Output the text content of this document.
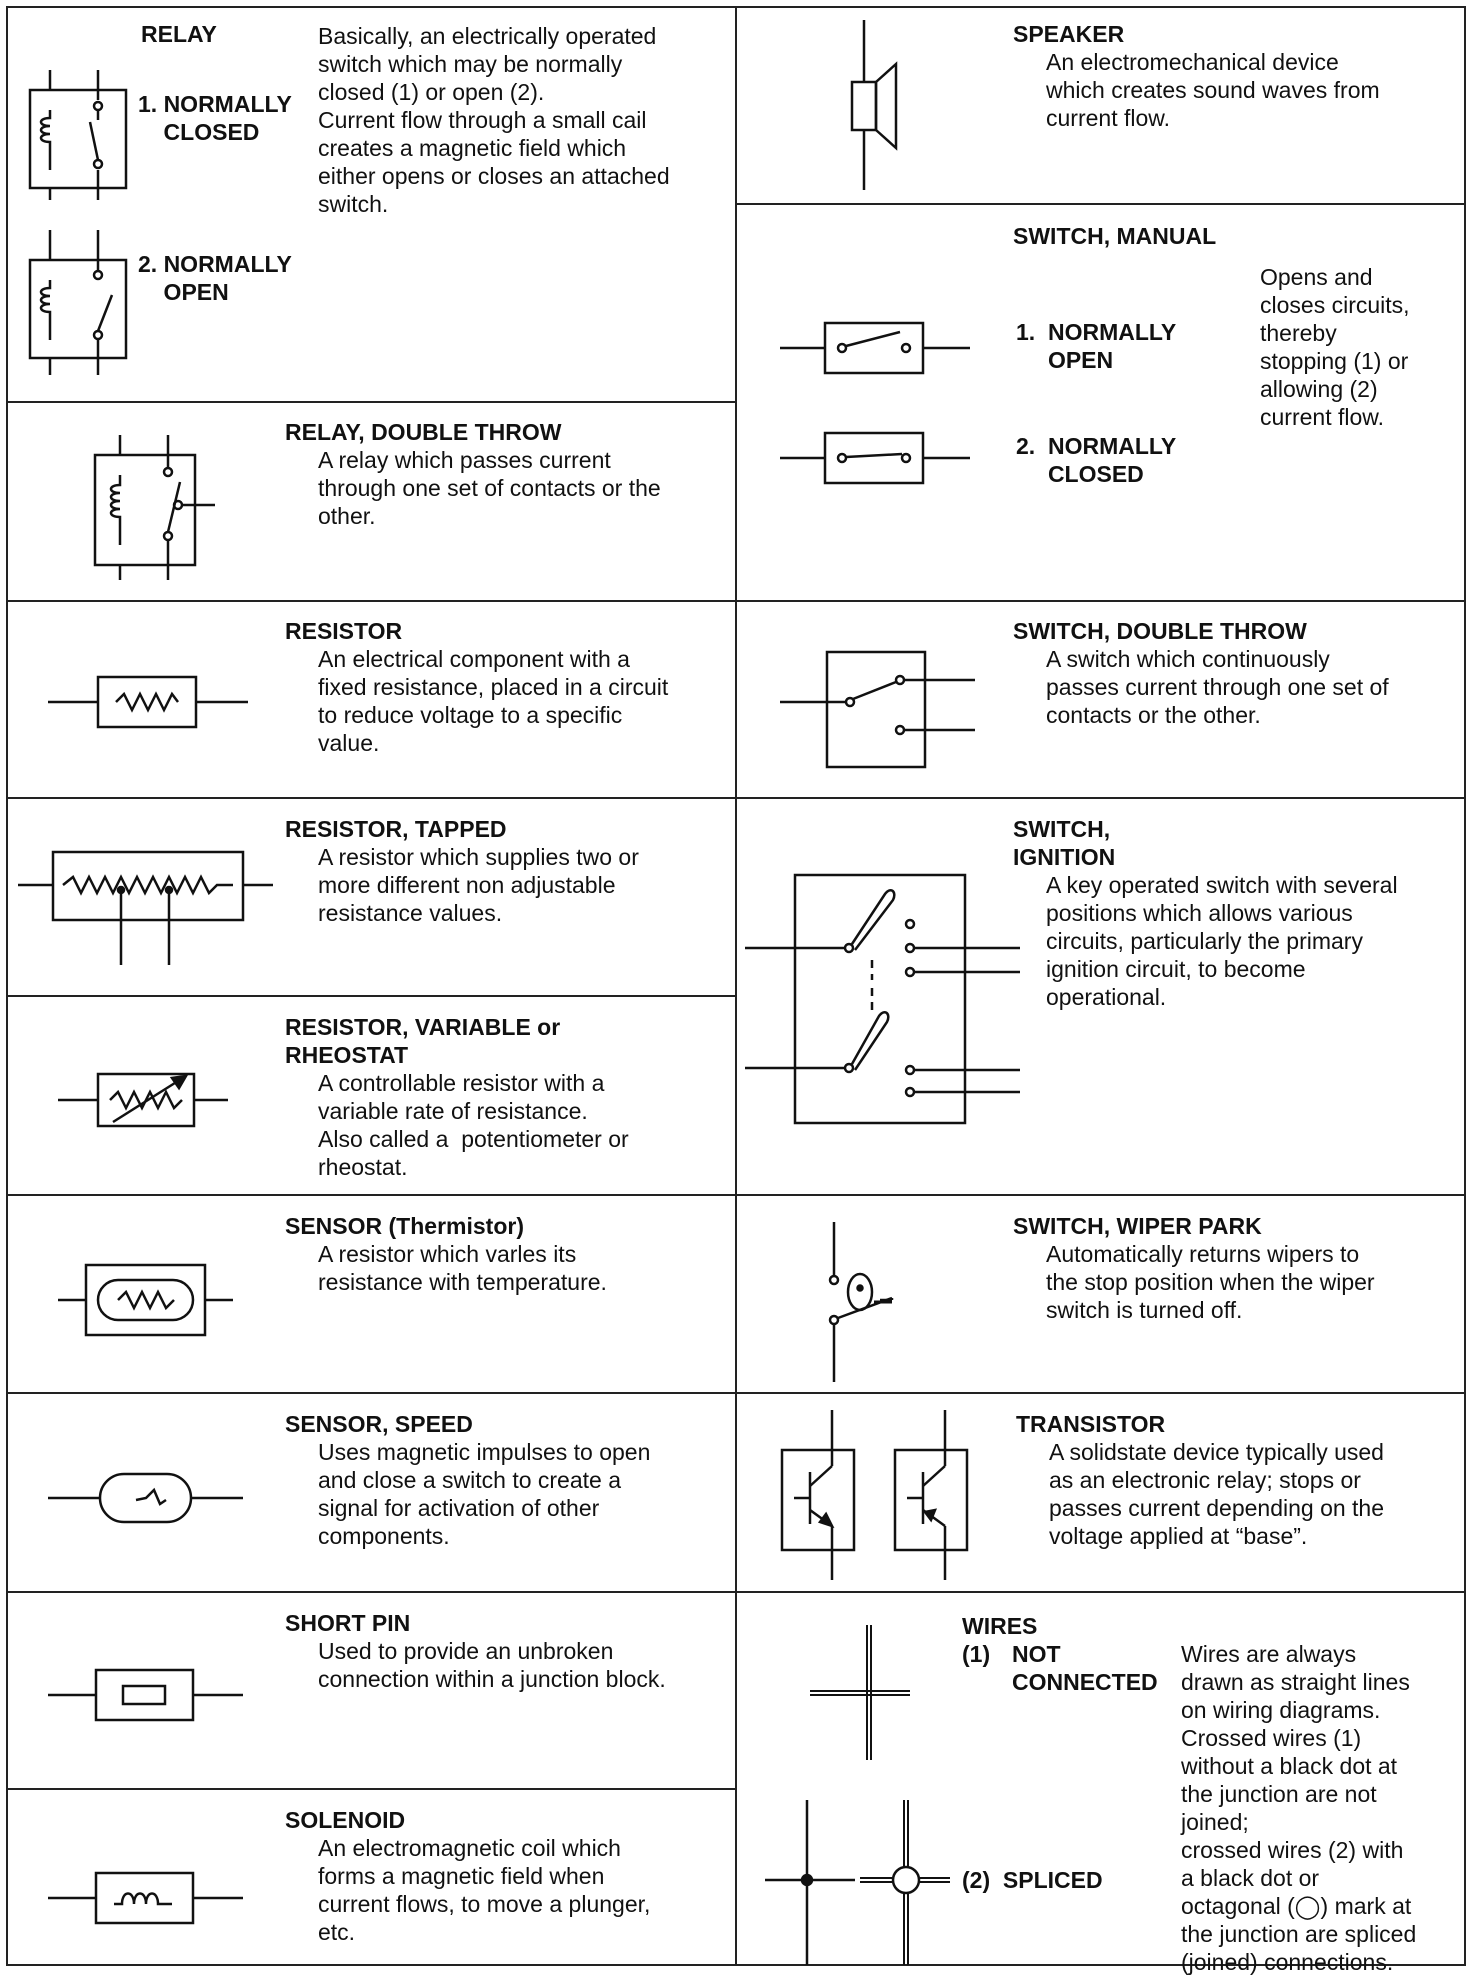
RELAY	Basically, an electrically operated
switch which may be normally
closed (1) or open (2).
Current flow through a small cail
creates a magnetic field which
either opens or closes an attached
switch.
1. NORMALLY
CLOSED
2. NORMALLY
OPEN
RELAY, DOUBLE THROW
A relay which passes current
through one set of contacts or the
other.
RESISTOR
An electrical component with a
fixed resistance, placed in a circuit
to reduce voltage to a specific
value.
RESISTOR, TAPPED
A resistor which supplies two or
more different non adjustable
resistance values.
RESISTOR, VARIABLE or
RHEOSTAT
A controllable resistor with a
variable rate of resistance.
Also called a  potentiometer or
rheostat.
SENSOR (Thermistor)
A resistor which varles its
resistance with temperature.
SENSOR, SPEED
Uses magnetic impulses to open
and close a switch to create a
signal for activation of other
components.
SHORT PIN
Used to provide an unbroken
connection within a junction block.
SOLENOID
An electromagnetic coil which
forms a magnetic field when
current flows, to move a plunger,
etc.
SPEAKER
An electromechanical device
which creates sound waves from
current flow.
SWITCH, MANUAL
Opens and
closes circuits,
thereby
stopping (1) or
allowing (2)
current flow.
1.  NORMALLY
OPEN
2.  NORMALLY
CLOSED
SWITCH, DOUBLE THROW
A switch which continuously
passes current through one set of
contacts or the other.
SWITCH,
IGNITION
A key operated switch with several
positions which allows various
circuits, particularly the primary
ignition circuit, to become
operational.
SWITCH, WIPER PARK
Automatically returns wipers to
the stop position when the wiper
switch is turned off.
TRANSISTOR
A solidstate device typically used
as an electronic relay; stops or
passes current depending on the
voltage applied at “base”.
WIRES
(1) NOT
CONNECTED
(2)  SPLICED
Wires are always
drawn as straight lines
on wiring diagrams.
Crossed wires (1)
without a black dot at
the junction are not
joined;
crossed wires (2) with
a black dot or
octagonal (◯) mark at
the junction are spliced
(joined) connections.
